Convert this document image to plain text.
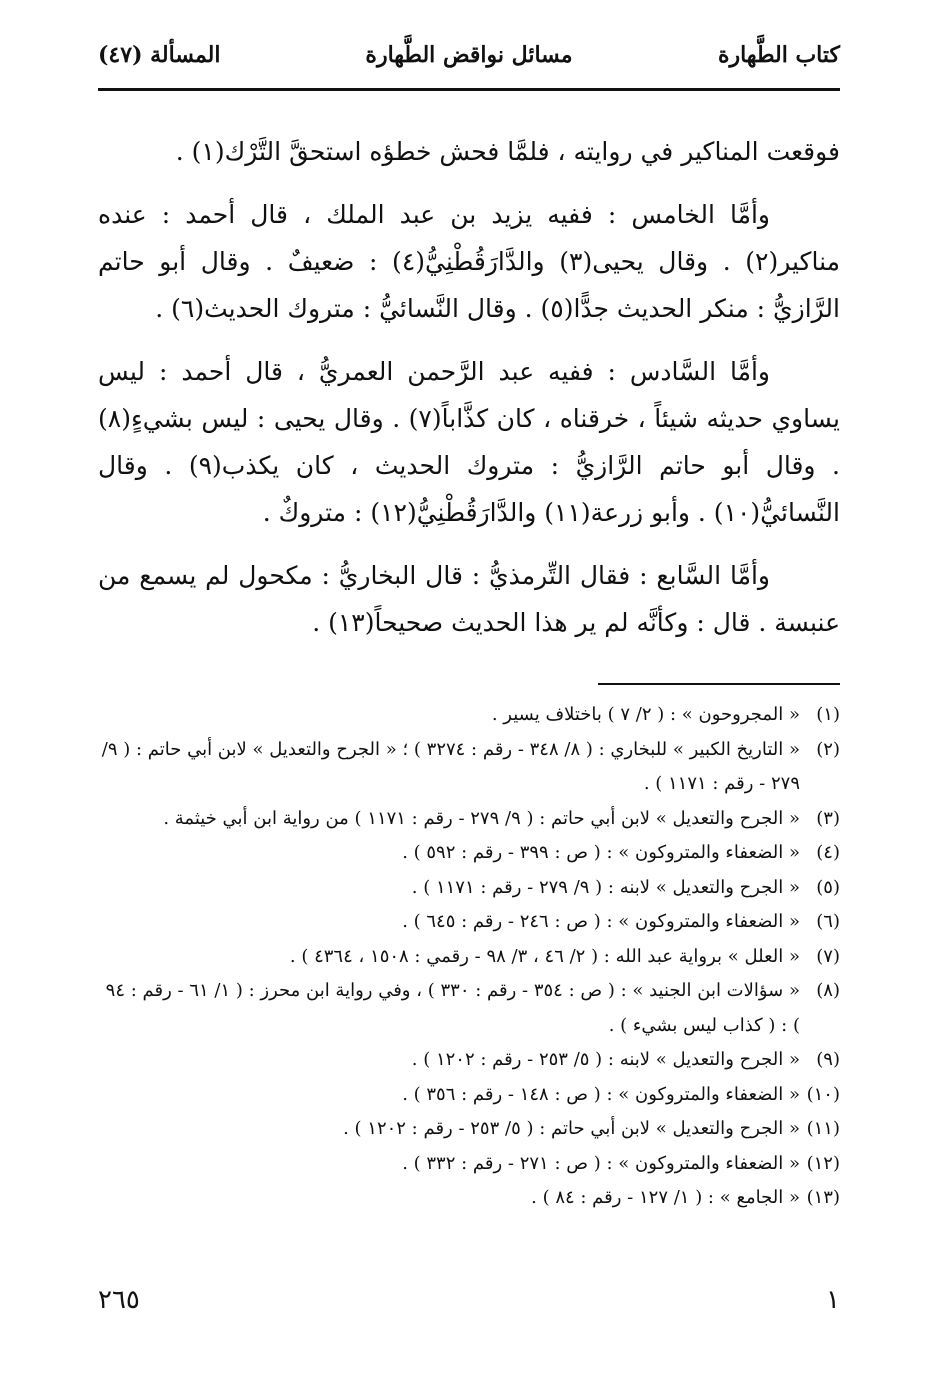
كتاب الطَّهارة
مسائل نواقض الطَّهارة
المسألة (٤٧)

فوقعت المناكير في روايته ، فلمَّا فحش خطؤه استحقَّ التَّرْك(١) .

وأمَّا الخامس : ففيه يزيد بن عبد الملك ، قال أحمد : عنده مناكير(٢) . وقال يحيى(٣) والدَّارَقُطْنِيُّ(٤) : ضعيفٌ . وقال أبو حاتم الرَّازيُّ : منكر الحديث جدًّا(٥) . وقال النَّسائيُّ : متروك الحديث(٦) .

وأمَّا السَّادس : ففيه عبد الرَّحمن العمريُّ ، قال أحمد : ليس يساوي حديثه شيئاً ، خرقناه ، كان كذَّاباً(٧) . وقال يحيى : ليس بشيءٍ(٨) . وقال أبو حاتم الرَّازيُّ : متروك الحديث ، كان يكذب(٩) . وقال النَّسائيُّ(١٠) . وأبو زرعة(١١) والدَّارَقُطْنِيُّ(١٢) : متروكٌ .

وأمَّا السَّابع : فقال التِّرمذيُّ : قال البخاريُّ : مكحول لم يسمع من عنبسة . قال : وكأنَّه لم ير هذا الحديث صحيحاً(١٣) .

(١)
« المجروحون » : ( ٢/ ٧ ) باختلاف يسير .
(٢)
« التاريخ الكبير » للبخاري : ( ٨/ ٣٤٨ - رقم : ٣٢٧٤ ) ؛ « الجرح والتعديل » لابن أبي حاتم : ( ٩/ ٢٧٩ - رقم : ١١٧١ ) .
(٣)
« الجرح والتعديل » لابن أبي حاتم : ( ٩/ ٢٧٩ - رقم : ١١٧١ ) من رواية ابن أبي خيثمة .
(٤)
« الضعفاء والمتروكون » : ( ص : ٣٩٩ - رقم : ٥٩٢ ) .
(٥)
« الجرح والتعديل » لابنه : ( ٩/ ٢٧٩ - رقم : ١١٧١ ) .
(٦)
« الضعفاء والمتروكون » : ( ص : ٢٤٦ - رقم : ٦٤٥ ) .
(٧)
« العلل » برواية عبد الله : ( ٢/ ٤٦ ، ٣/ ٩٨ - رقمي : ١٥٠٨ ، ٤٣٦٤ ) .
(٨)
« سؤالات ابن الجنيد » : ( ص : ٣٥٤ - رقم : ٣٣٠ ) ، وفي رواية ابن محرز : ( ١/ ٦١ - رقم : ٩٤ ) : ( كذاب ليس بشيء ) .
(٩)
« الجرح والتعديل » لابنه : ( ٥/ ٢٥٣ - رقم : ١٢٠٢ ) .
(١٠)
« الضعفاء والمتروكون » : ( ص : ١٤٨ - رقم : ٣٥٦ ) .
(١١)
« الجرح والتعديل » لابن أبي حاتم : ( ٥/ ٢٥٣ - رقم : ١٢٠٢ ) .
(١٢)
« الضعفاء والمتروكون » : ( ص : ٢٧١ - رقم : ٣٣٢ ) .
(١٣)
« الجامع » : ( ١/ ١٢٧ - رقم : ٨٤ ) .
١
٢٦٥
